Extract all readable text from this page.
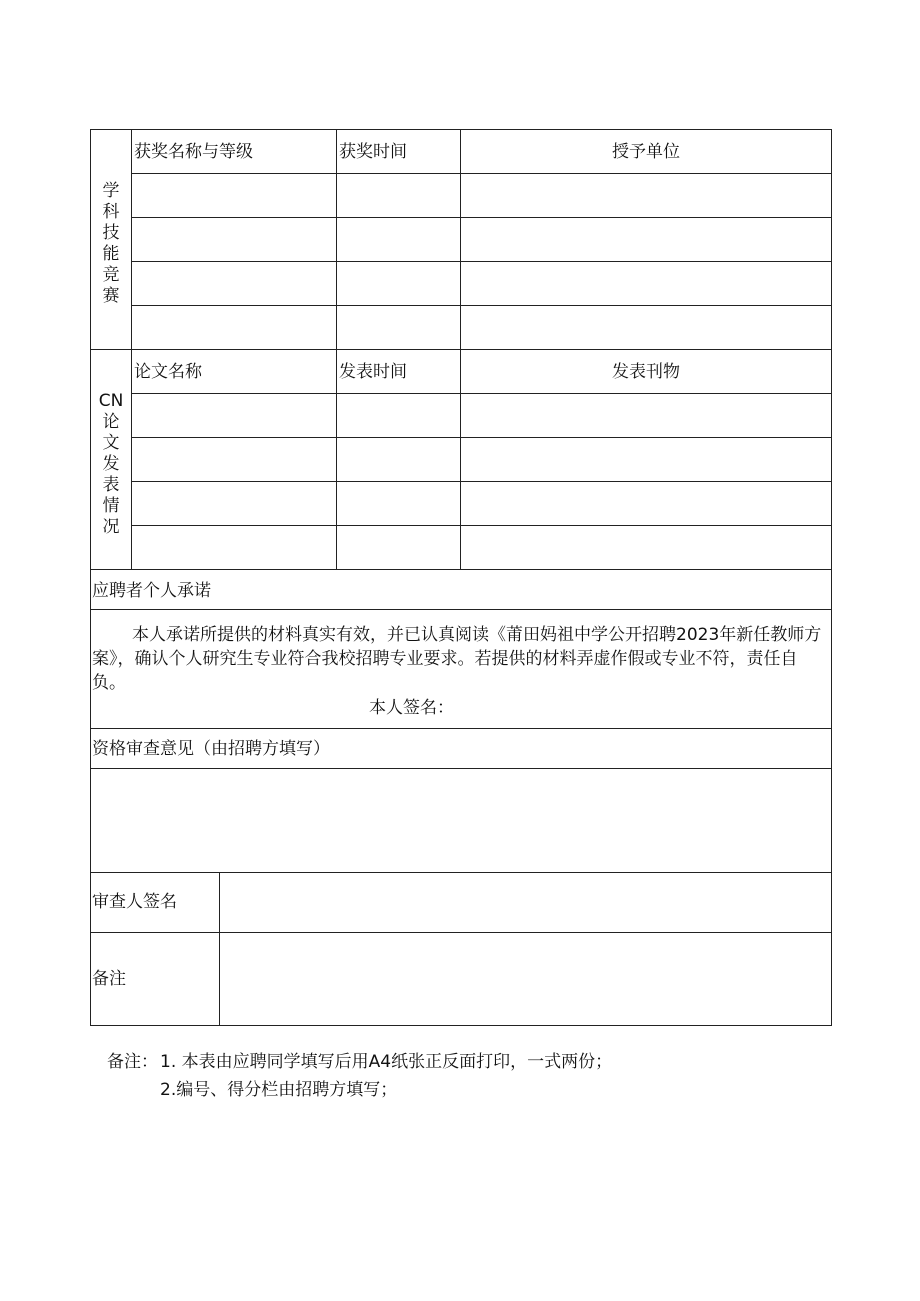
学科技能竞赛
获奖名称与等级	获奖时间	授予单位
CN论文发表情况
论文名称	发表时间	发表刊物
应聘者个人承诺
本人承诺所提供的材料真实有效，并已认真阅读《莆田妈祖中学公开招聘2023年新任教师方案》，确认个人研究生专业符合我校招聘专业要求。若提供的材料弄虚作假或专业不符，责任自负。
本人签名：
资格审查意见（由招聘方填写）
审查人签名
备注
备注： 1. 本表由应聘同学填写后用A4纸张正反面打印，一式两份；
2.编号、得分栏由招聘方填写；
